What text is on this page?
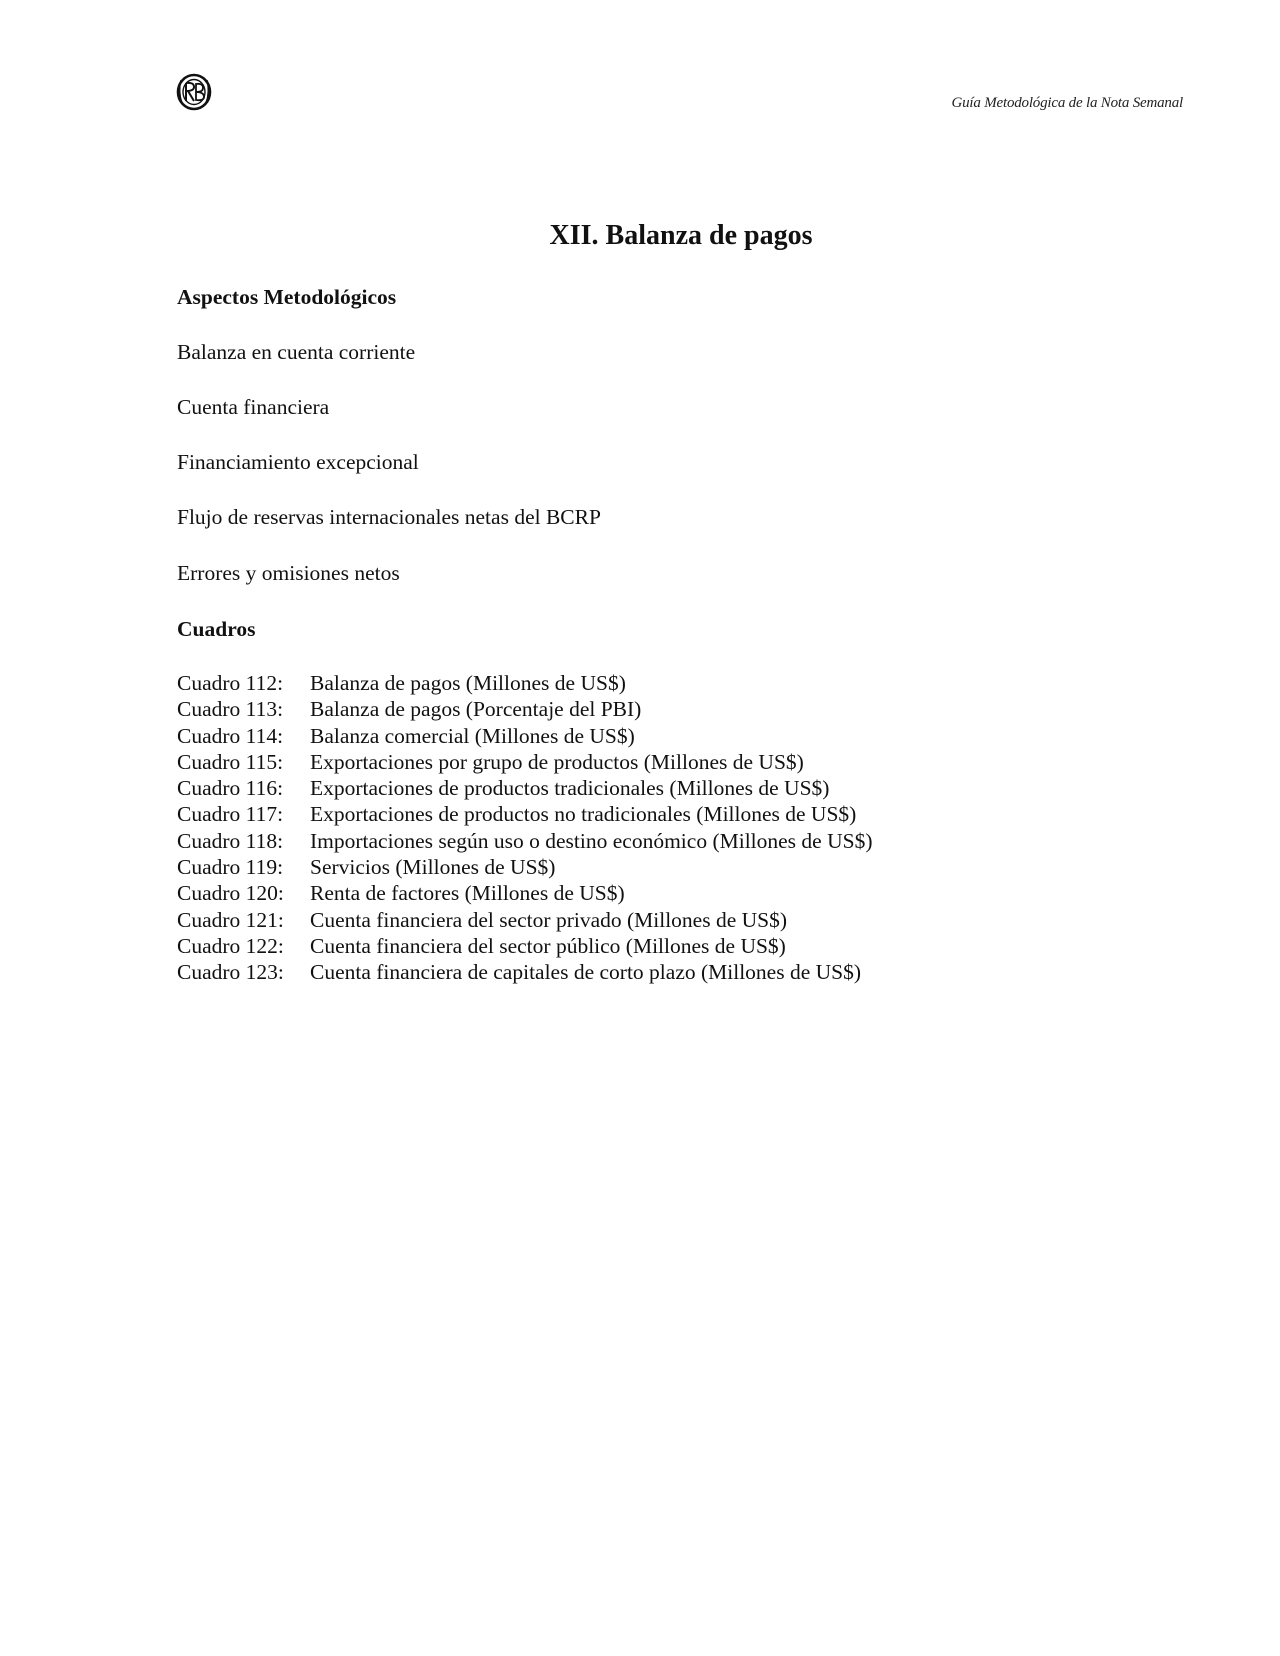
Guía Metodológica de la Nota Semanal
XII. Balanza de pagos
Aspectos Metodológicos

Balanza en cuenta corriente

Cuenta financiera

Financiamiento excepcional

Flujo de reservas internacionales netas del BCRP

Errores y omisiones netos

Cuadros
Cuadro 112:	Balanza de pagos (Millones de US$)
Cuadro 113:	Balanza de pagos (Porcentaje del PBI)
Cuadro 114:	Balanza comercial (Millones de US$)
Cuadro 115:	Exportaciones por grupo de productos (Millones de US$)
Cuadro 116:	Exportaciones de productos tradicionales (Millones de US$)
Cuadro 117:	Exportaciones de productos no tradicionales (Millones de US$)
Cuadro 118:	Importaciones según uso o destino económico (Millones de US$)
Cuadro 119:	Servicios (Millones de US$)
Cuadro 120:	Renta de factores (Millones de US$)
Cuadro 121:	Cuenta financiera del sector privado (Millones de US$)
Cuadro 122:	Cuenta financiera del sector público (Millones de US$)
Cuadro 123:	Cuenta financiera de capitales de corto plazo (Millones de US$)
